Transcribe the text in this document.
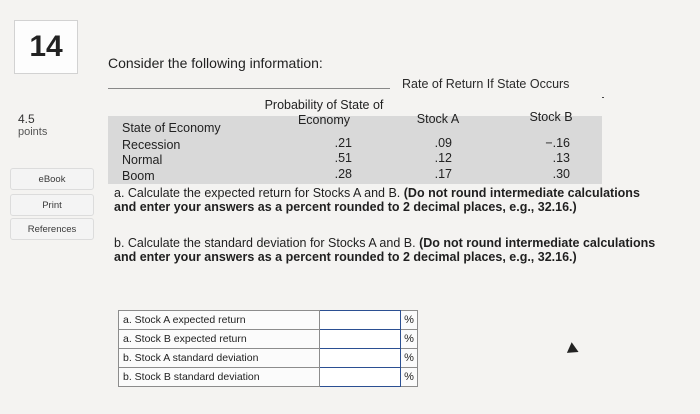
14
4.5
points
eBook
Print
References
Consider the following information:
Rate of Return If State Occurs
State of Economy
Probability of State of Economy	Stock A	Stock B
Recession	.21	.09	−.16
Normal	.51	.12	.13
Boom	.28	.17	.30
a. Calculate the expected return for Stocks A and B. (Do not round intermediate calculations and enter your answers as a percent rounded to 2 decimal places, e.g., 32.16.)
b. Calculate the standard deviation for Stocks A and B. (Do not round intermediate calculations and enter your answers as a percent rounded to 2 decimal places, e.g., 32.16.)
a. Stock A expected return		%
a. Stock B expected return		%
b. Stock A standard deviation		%
b. Stock B standard deviation		%
